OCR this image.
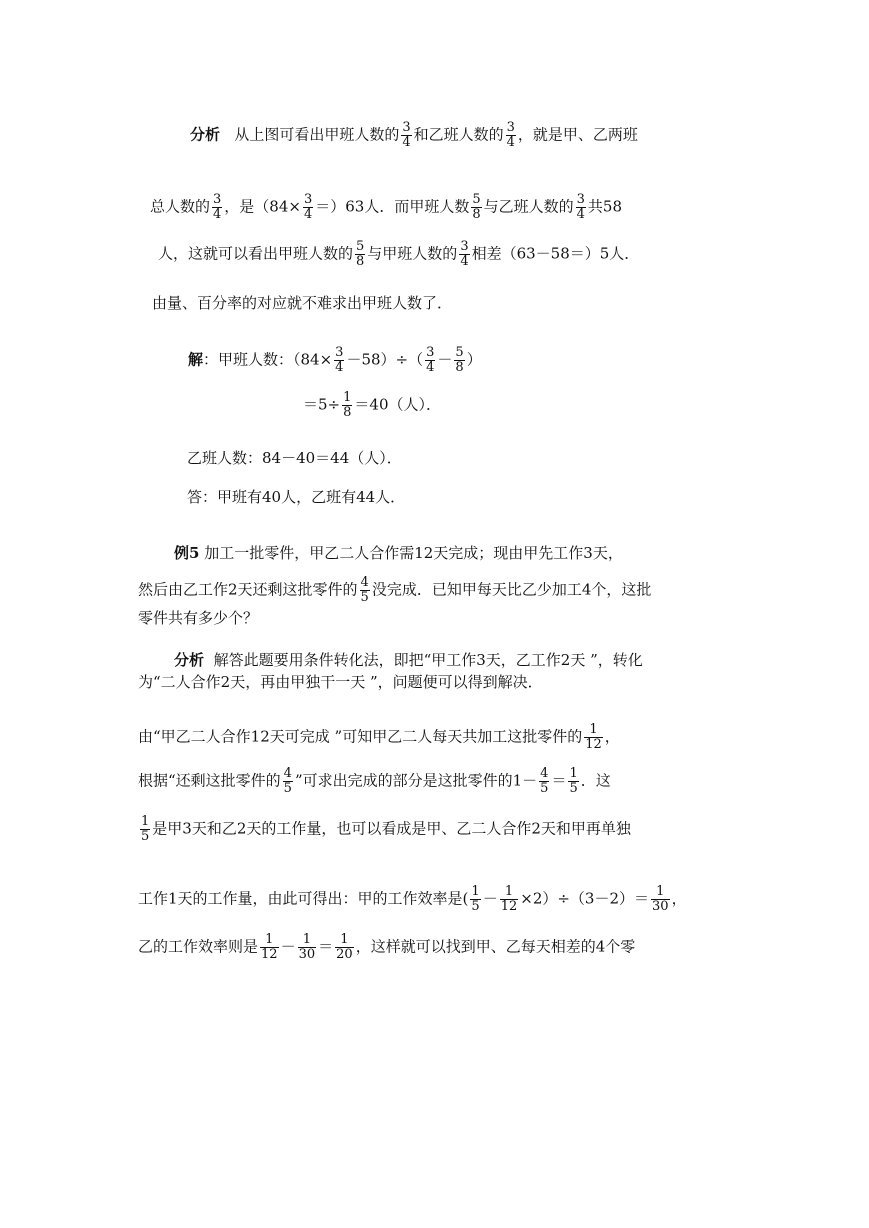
分析 从上图可看出甲班人数的 $\frac{3}{4}$ 和乙班人数的 $\frac{3}{4}$ ，就是甲、乙两班
总人数的 $\frac{3}{4}$ ，是$(84\times \frac{3}{4} =)63$人．而甲班人数 $\frac{5}{8}$ 与乙班人数的 $\frac{3}{4}$ 共58
人，这就可以看出甲班人数的 $\frac{5}{8}$ 与甲班人数的 $\frac{3}{4}$ 相差（63－58＝）5人．
由量、百分率的对应就不难求出甲班人数了．
解：甲班人数：$(84\times \frac{3}{4} -58)\div( \frac{3}{4} - \frac{5}{8}$ ）
$=5\div \frac{1}{8} =40$（人）．
乙班人数：84－40＝44（人）．
答：甲班有40人，乙班有44人．
例5 加工一批零件，甲乙二人合作需12天完成；现由甲先工作3天，
然后由乙工作2天还剩这批零件的 $\frac{4}{5}$ 没完成．已知甲每天比乙少加工4个，这批
零件共有多少个？
分析 解答此题要用条件转化法，即把“甲工作3天，乙工作2天 ”，转化
为“二人合作2天，再由甲独干一天 ”，问题便可以得到解决．
由“甲乙二人合作12天可完成 ”可知甲乙二人每天共加工这批零件的 $\frac{1}{12}$ ，
根据“还剩这批零件的 $\frac{4}{5}$ ”可求出完成的部分是这批零件的$1- \frac{4}{5} = \frac{1}{5}$ ．这
$\frac{1}{5}$ 是甲3天和乙2天的工作量，也可以看成是甲、乙二人合作2天和甲再单独
工作1天的工作量，由此可得出：甲的工作效率是( $\frac{1}{5} - \frac{1}{12} \times 2)\div(3-2)= \frac{1}{30}$ ，
乙的工作效率则是 $\frac{1}{12} - \frac{1}{30} = \frac{1}{20}$ ，这样就可以找到甲、乙每天相差的4个零
